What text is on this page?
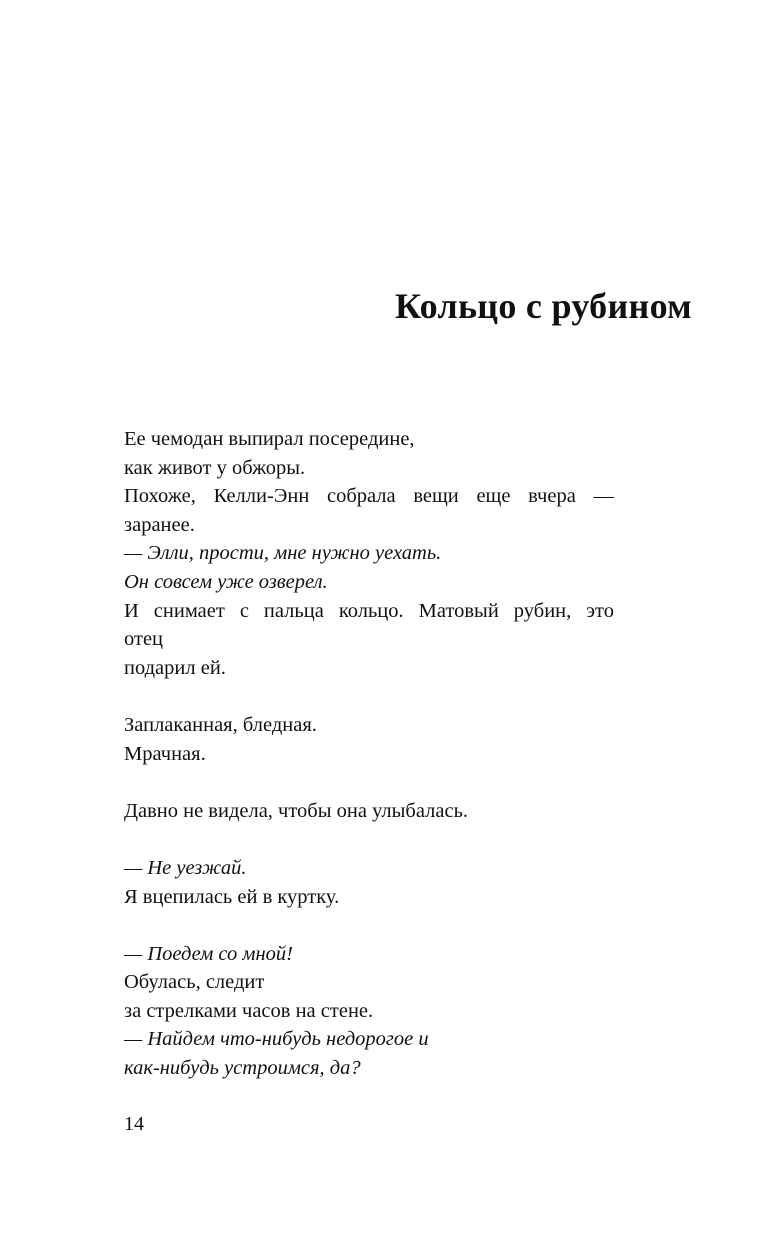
Кольцо с рубином
Ее чемодан выпирал посередине,
как живот у обжоры.
Похоже, Келли-Энн собрала вещи еще вчера —
заранее.
— Элли, прости, мне нужно уехать.
Он совсем уже озверел.
И снимает с пальца кольцо. Матовый рубин, это
отец
подарил ей.
Заплаканная, бледная.
Мрачная.
Давно не видела, чтобы она улыбалась.
— Не уезжай.
Я вцепилась ей в куртку.
— Поедем со мной!
Обулась, следит
за стрелками часов на стене.
— Найдем что-нибудь недорогое и
как-нибудь устроимся, да?

14
